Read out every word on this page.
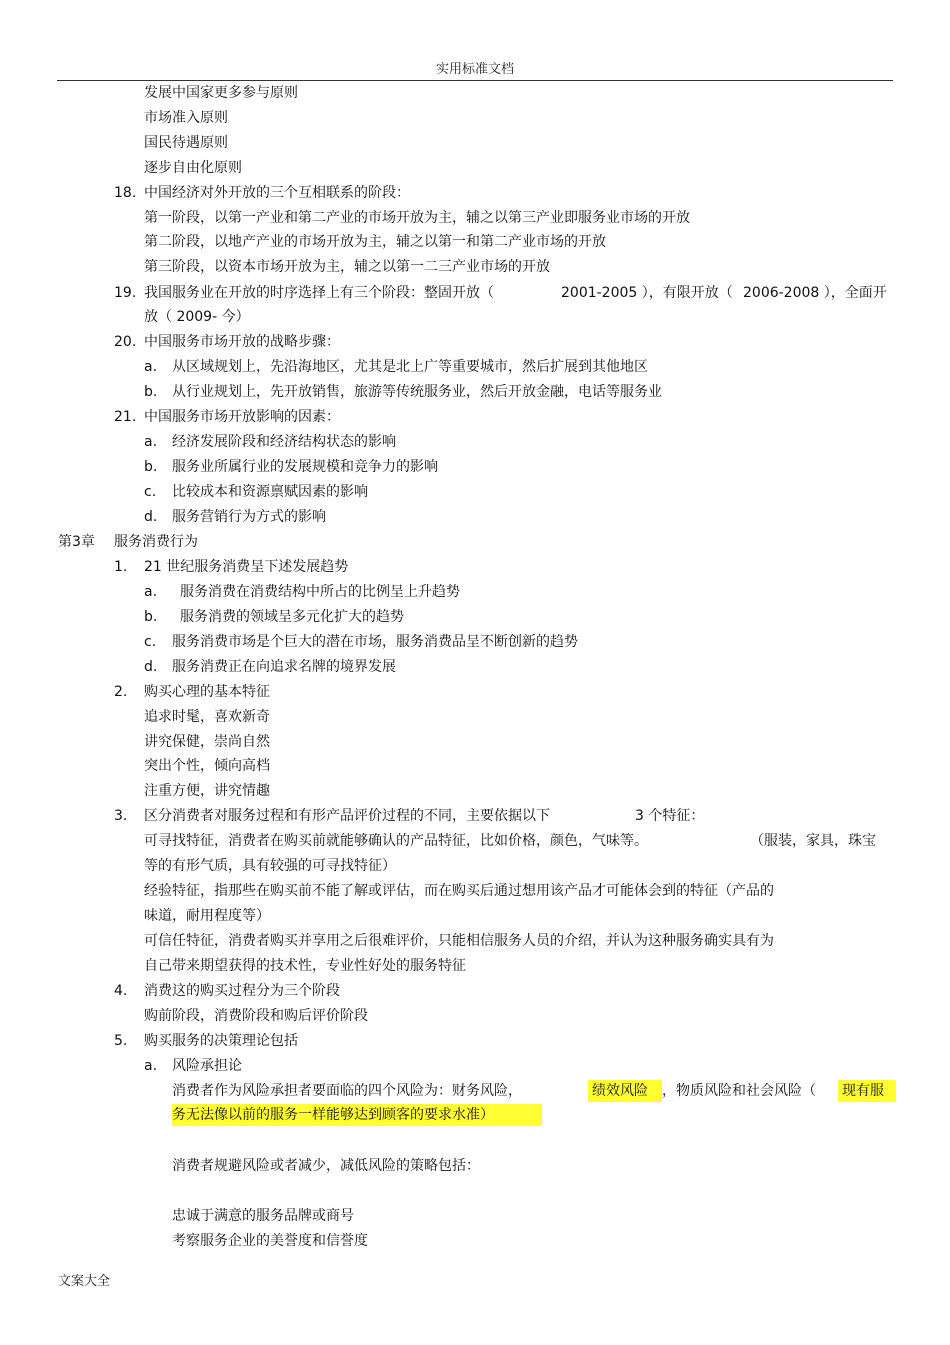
实用标准文档
发展中国家更多参与原则
市场准入原则
国民待遇原则
逐步自由化原则
18. 中国经济对外开放的三个互相联系的阶段：
第一阶段，以第一产业和第二产业的市场开放为主，辅之以第三产业即服务业市场的开放
第二阶段，以地产产业的市场开放为主，辅之以第一和第二产业市场的开放
第三阶段，以资本市场开放为主，辅之以第一二三产业市场的开放
19. 我国服务业在开放的时序选择上有三个阶段：整固开放（	2001-2005 ），有限开放（ 2006-2008 ），全面开
放（ 2009- 今）
20. 中国服务市场开放的战略步骤：
a. 从区域规划上，先沿海地区，尤其是北上广等重要城市，然后扩展到其他地区
b. 从行业规划上，先开放销售，旅游等传统服务业，然后开放金融，电话等服务业
21. 中国服务市场开放影响的因素：
a. 经济发展阶段和经济结构状态的影响
b. 服务业所属行业的发展规模和竞争力的影响
c. 比较成本和资源禀赋因素的影响
d. 服务营销行为方式的影响
第3章 服务消费行为
1. 21 世纪服务消费呈下述发展趋势
a. 服务消费在消费结构中所占的比例呈上升趋势
b. 服务消费的领域呈多元化扩大的趋势
c. 服务消费市场是个巨大的潜在市场，服务消费品呈不断创新的趋势
d. 服务消费正在向追求名牌的境界发展
2. 购买心理的基本特征
追求时髦，喜欢新奇
讲究保健，崇尚自然
突出个性，倾向高档
注重方便，讲究情趣
3. 区分消费者对服务过程和有形产品评价过程的不同，主要依据以下	3 个特征：
可寻找特征，消费者在购买前就能够确认的产品特征，比如价格，颜色，气味等。	（服装，家具，珠宝
等的有形气质，具有较强的可寻找特征）
经验特征，指那些在购买前不能了解或评估，而在购买后通过想用该产品才可能体会到的特征（产品的
味道，耐用程度等）
可信任特征，消费者购买并享用之后很难评价，只能相信服务人员的介绍，并认为这种服务确实具有为
自己带来期望获得的技术性，专业性好处的服务特征
4. 消费这的购买过程分为三个阶段
购前阶段，消费阶段和购后评价阶段
5. 购买服务的决策理论包括
a. 风险承担论
消费者作为风险承担者要面临的四个风险为：财务风险，	绩效风险	，物质风险和社会风险（ 现有服
务无法像以前的服务一样能够达到顾客的要求水准）
消费者规避风险或者减少，减低风险的策略包括：
忠诚于满意的服务品牌或商号
考察服务企业的美誉度和信誉度
文案大全
